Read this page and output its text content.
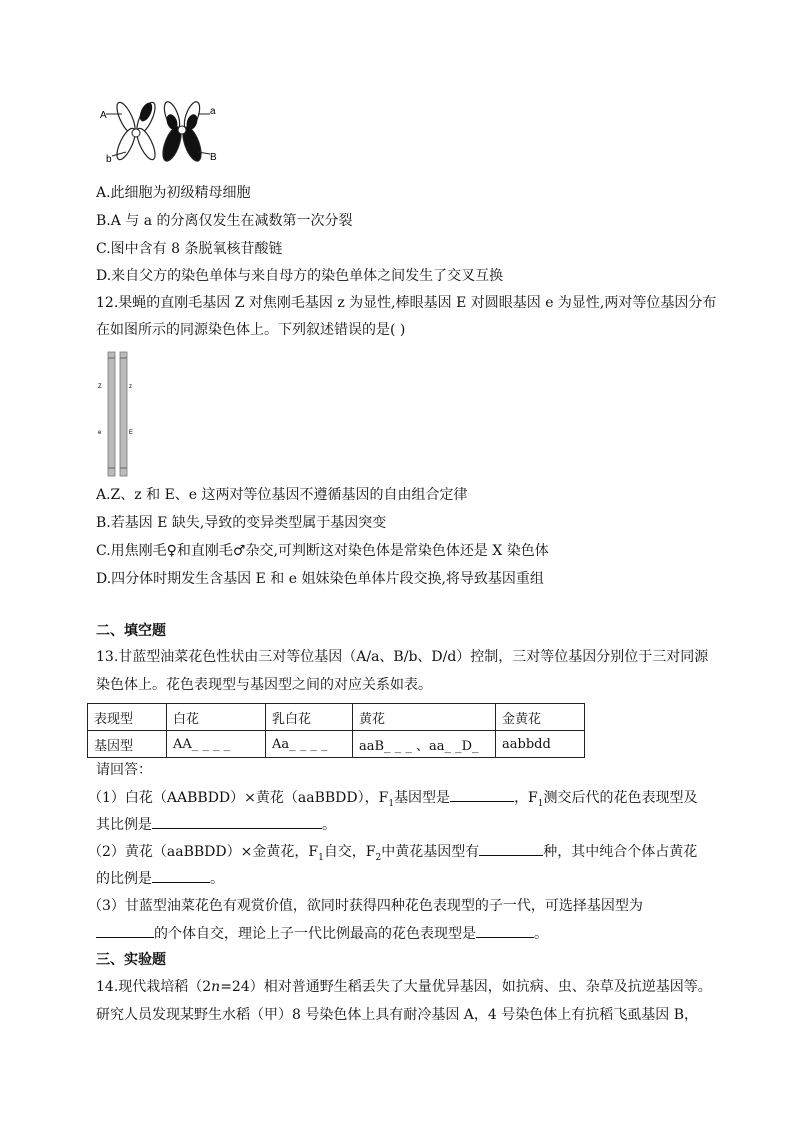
A	a
b	B
A.此细胞为初级精母细胞
B.A 与 a 的分离仅发生在减数第一次分裂
C.图中含有 8 条脱氧核苷酸链
D.来自父方的染色单体与来自母方的染色单体之间发生了交叉互换
12.果蝇的直刚毛基因 Z 对焦刚毛基因 z 为显性,棒眼基因 E 对圆眼基因 e 为显性,两对等位基因分布
在如图所示的同源染色体上。下列叙述错误的是( )
Z	z
e	E
A.Z、z 和 E、e 这两对等位基因不遵循基因的自由组合定律
B.若基因 E 缺失,导致的变异类型属于基因突变
C.用焦刚毛♀和直刚毛♂杂交,可判断这对染色体是常染色体还是 X 染色体
D.四分体时期发生含基因 E 和 e 姐妹染色单体片段交换,将导致基因重组
二、填空题
13.甘蓝型油菜花色性状由三对等位基因（A/a、B/b、D/d）控制，三对等位基因分别位于三对同源
染色体上。花色表现型与基因型之间的对应关系如表。
表现型	白花	乳白花	黄花	金黄花
基因型	AA_ _ _ _	Aa_ _ _ _	aaB_ _ _ 、aa_ _D_	aabbdd
请回答：
（1）白花（AABBDD）×黄花（aaBBDD），$F_1$基因型是	，$F_1$测交后代的花色表现型及
其比例是	。
（2）黄花（aaBBDD）×金黄花，$F_1$自交，$F_2$中黄花基因型有	种，其中纯合个体占黄花
的比例是	。
（3）甘蓝型油菜花色有观赏价值，欲同时获得四种花色表现型的子一代，可选择基因型为
的个体自交，理论上子一代比例最高的花色表现型是	。
三、实验题
14.现代栽培稻（2n=24）相对普通野生稻丢失了大量优异基因，如抗病、虫、杂草及抗逆基因等。
研究人员发现某野生水稻（甲）8 号染色体上具有耐冷基因 A，4 号染色体上有抗稻飞虱基因 B，
